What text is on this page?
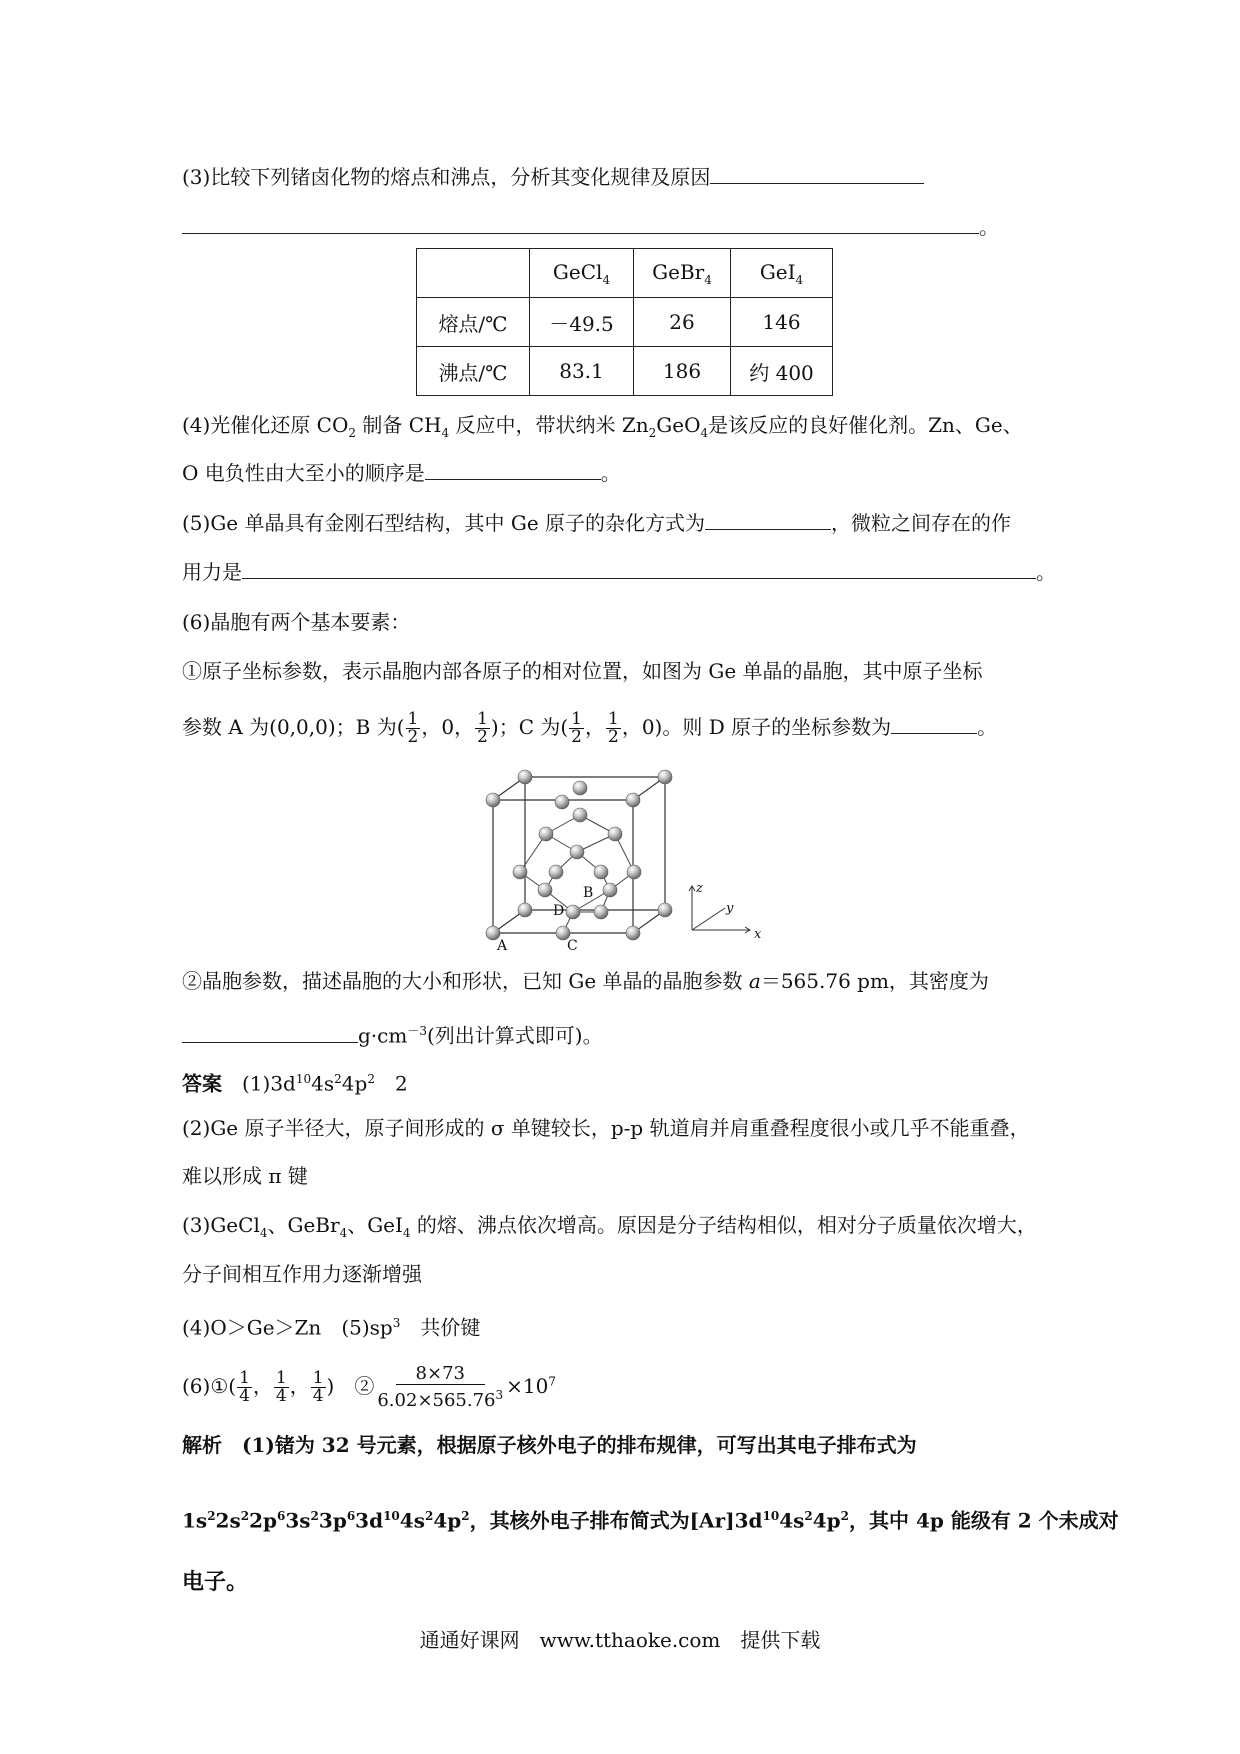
(3)比较下列锗卤化物的熔点和沸点，分析其变化规律及原因
。
	GeCl$_4$	GeBr$_4$	GeI$_4$
熔点/℃	－49.5	26	146
沸点/℃	83.1	186	约 400
(4)光催化还原 $CO_2$ 制备 $CH_4$ 反应中，带状纳米 $Zn_2GeO_4$是该反应的良好催化剂。Zn、Ge、
O 电负性由大至小的顺序是	。
(5)Ge 单晶具有金刚石型结构，其中 Ge 原子的杂化方式为	，微粒之间存在的作
用力是	。
(6)晶胞有两个基本要素：
①原子坐标参数，表示晶胞内部各原子的相对位置，如图为 Ge 单晶的晶胞，其中原子坐标
参数 A 为(0,0,0)；B 为( $\frac{1}{2}$ ，0， $\frac{1}{2}$ )；C 为( $\frac{1}{2}$ ， $\frac{1}{2}$ ，0)。则 D 原子的坐标参数为	。
A	C
B
D
z
y
x
②晶胞参数，描述晶胞的大小和形状，已知 Ge 单晶的晶胞参数 a＝565.76 pm，其密度为
$g\cdot cm^{-3}$(列出计算式即可)。
答案　 $(1)3d^{10}4s^24p^2$　 2
(2)Ge 原子半径大，原子间形成的 σ 单键较长，p-p 轨道肩并肩重叠程度很小或几乎不能重叠，
难以形成 π 键
(3)GeCl$_4$、GeBr$_4$、GeI$_4$ 的熔、沸点依次增高。原因是分子结构相似，相对分子质量依次增大，
分子间相互作用力逐渐增强
(4)O＞Ge＞Zn　$(5)sp^3$　共价键
(6)①( $\frac{1}{4}$ ， $\frac{1}{4}$ ， $\frac{1}{4}$ )　② $\frac{8\times 73}{6.02\times 565.76^3} \times 10^7$
解析　(1)锗为 32 号元素，根据原子核外电子的排布规律，可写出其电子排布式为
$1s^22s^22p^63s^23p^63d^{10}4s^24p^2$，其核外电子排布简式为$[Ar]3d^{10}4s^24p^2$，其中 4p 能级有 2 个未成对
电子。
通通好课网　www.tthaoke.com　提供下载
